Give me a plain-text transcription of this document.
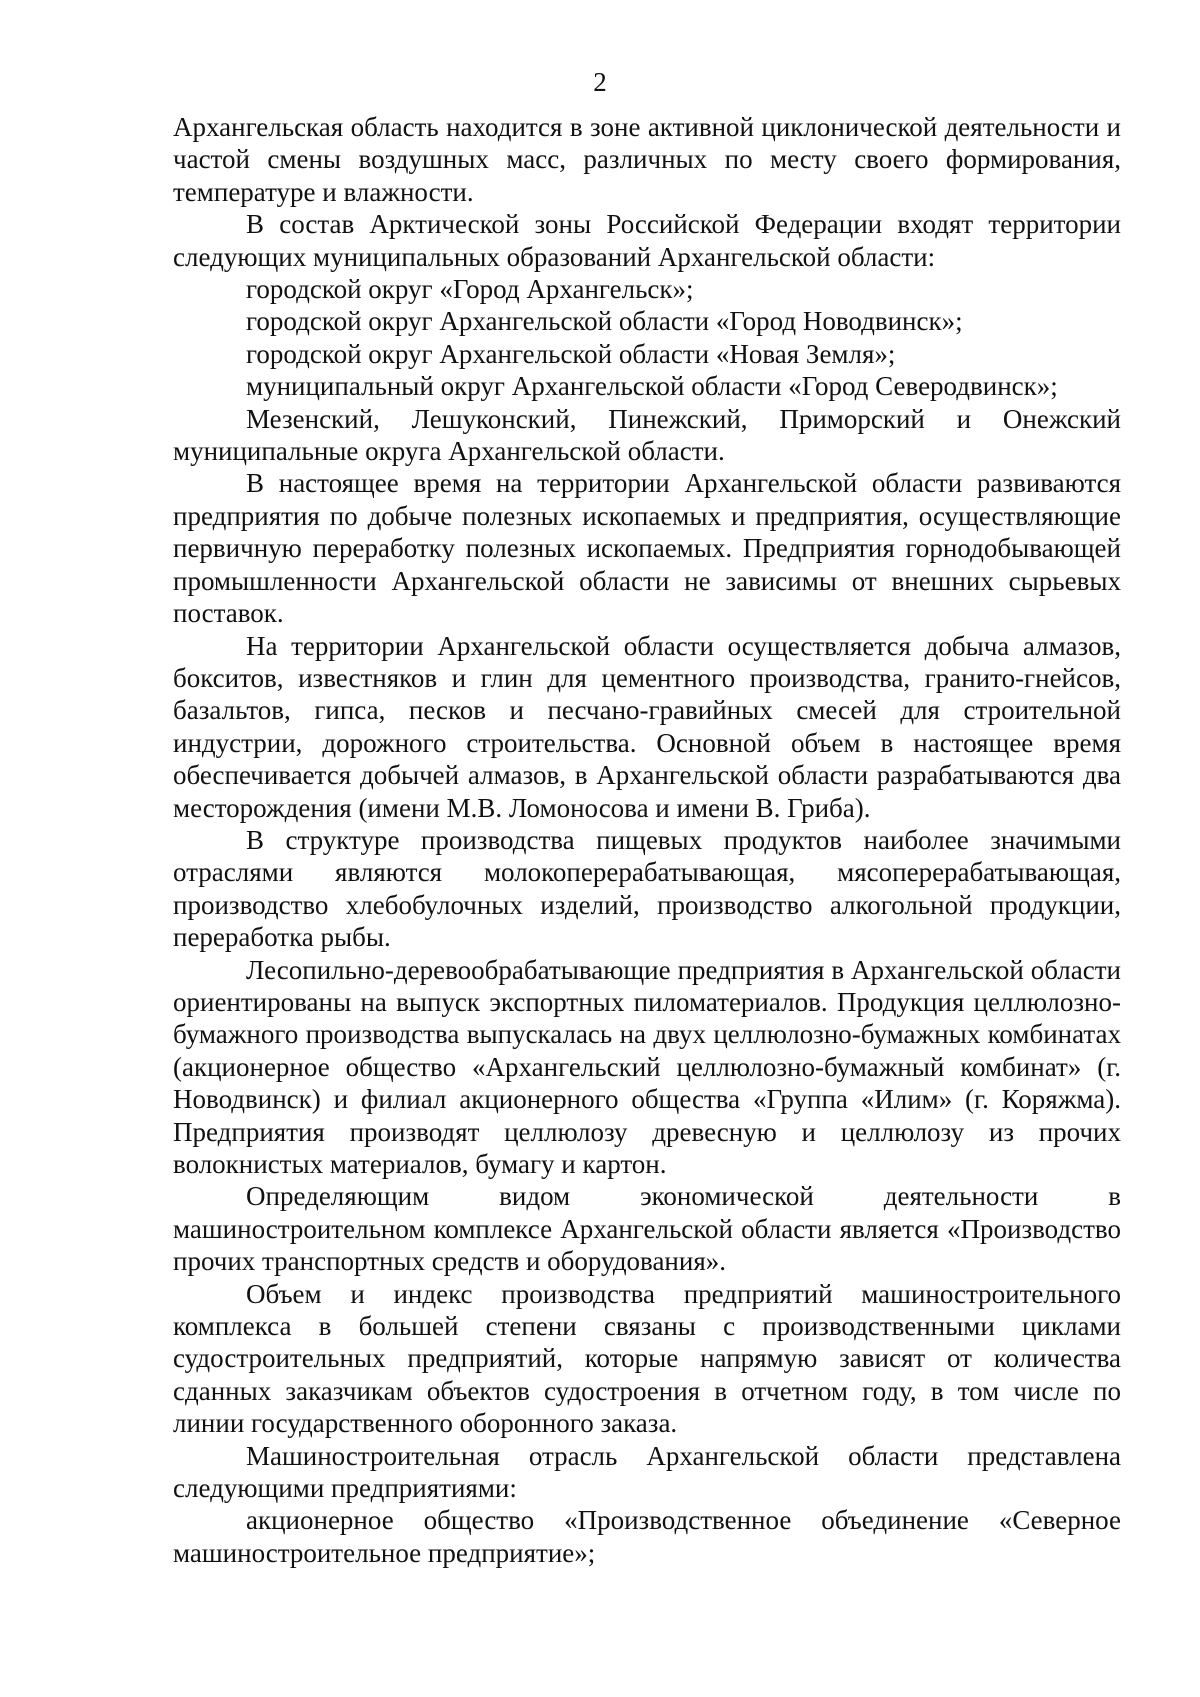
2

Архангельская область находится в зоне активной циклонической деятельности и частой смены воздушных масс, различных по месту своего формирования, температуре и влажности.

В состав Арктической зоны Российской Федерации входят территории следующих муниципальных образований Архангельской области:

городской округ «Город Архангельск»;

городской округ Архангельской области «Город Новодвинск»;

городской округ Архангельской области «Новая Земля»;

муниципальный округ Архангельской области «Город Северодвинск»;

Мезенский, Лешуконский, Пинежский, Приморский и Онежский муниципальные округа Архангельской области.

В настоящее время на территории Архангельской области развиваются предприятия по добыче полезных ископаемых и предприятия, осуществляющие первичную переработку полезных ископаемых. Предприятия горнодобывающей промышленности Архангельской области не зависимы от внешних сырьевых поставок.

На территории Архангельской области осуществляется добыча алмазов, бокситов, известняков и глин для цементного производства, гранито-гнейсов, базальтов, гипса, песков и песчано-гравийных смесей для строительной индустрии, дорожного строительства. Основной объем в настоящее время обеспечивается добычей алмазов, в Архангельской области разрабатываются два месторождения (имени М.В. Ломоносова и имени В. Гриба).

В структуре производства пищевых продуктов наиболее значимыми отраслями являются молокоперерабатывающая, мясоперерабатывающая, производство хлебобулочных изделий, производство алкогольной продукции, переработка рыбы.

Лесопильно-деревообрабатывающие предприятия в Архангельской области ориентированы на выпуск экспортных пиломатериалов. Продукция целлюлозно-бумажного производства выпускалась на двух целлюлозно-бумажных комбинатах (акционерное общество «Архангельский целлюлозно-бумажный комбинат» (г. Новодвинск) и филиал акционерного общества «Группа «Илим» (г. Коряжма). Предприятия производят целлюлозу древесную и целлюлозу из прочих волокнистых материалов, бумагу и картон.

Определяющим видом экономической деятельности в машиностроительном комплексе Архангельской области является «Производство прочих транспортных средств и оборудования».

Объем и индекс производства предприятий машиностроительного комплекса в большей степени связаны с производственными циклами судостроительных предприятий, которые напрямую зависят от количества сданных заказчикам объектов судостроения в отчетном году, в том числе по линии государственного оборонного заказа.

Машиностроительная отрасль Архангельской области представлена следующими предприятиями:

акционерное общество «Производственное объединение «Северное машиностроительное предприятие»;
